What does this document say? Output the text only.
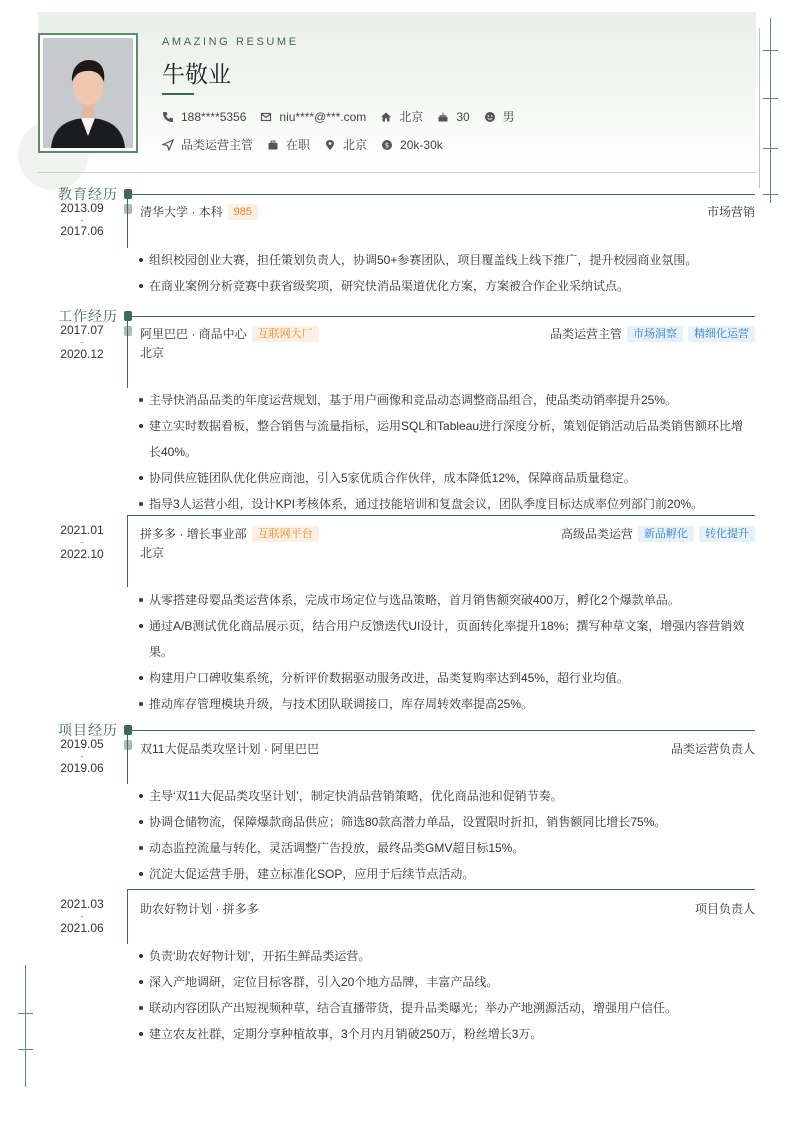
AMAZING RESUME
牛敬业
188****5356	niu****@***.com	北京	30	男
品类运营主管	在职	北京	$ 20k-30k
教育经历
2013.09
-
2017.06
清华大学 · 本科	985	市场营销
组织校园创业大赛，担任策划负责人，协调50+参赛团队，项目覆盖线上线下推广，提升校园商业氛围。
在商业案例分析竞赛中获省级奖项，研究快消品渠道优化方案，方案被合作企业采纳试点。
工作经历
2017.07
-
2020.12
阿里巴巴 · 商品中心	互联网大厂	品类运营主管	市场洞察	精细化运营
北京
主导快消品品类的年度运营规划，基于用户画像和竞品动态调整商品组合，使品类动销率提升25%。
建立实时数据看板，整合销售与流量指标，运用SQL和Tableau进行深度分析，策划促销活动后品类销售额环比增长40%。
协同供应链团队优化供应商池，引入5家优质合作伙伴，成本降低12%，保障商品质量稳定。
指导3人运营小组，设计KPI考核体系，通过技能培训和复盘会议，团队季度目标达成率位列部门前20%。
2021.01
-
2022.10
拼多多 · 增长事业部	互联网平台	高级品类运营	新品孵化	转化提升
北京
从零搭建母婴品类运营体系，完成市场定位与选品策略，首月销售额突破400万，孵化2个爆款单品。
通过A/B测试优化商品展示页，结合用户反馈迭代UI设计，页面转化率提升18%；撰写种草文案，增强内容营销效果。
构建用户口碑收集系统，分析评价数据驱动服务改进，品类复购率达到45%，超行业均值。
推动库存管理模块升级，与技术团队联调接口，库存周转效率提高25%。
项目经历
2019.05
-
2019.06
双11大促品类攻坚计划 · 阿里巴巴	品类运营负责人
主导‘双11大促品类攻坚计划’，制定快消品营销策略，优化商品池和促销节奏。
协调仓储物流，保障爆款商品供应；筛选80款高潜力单品，设置限时折扣，销售额同比增长75%。
动态监控流量与转化，灵活调整广告投放，最终品类GMV超目标15%。
沉淀大促运营手册，建立标准化SOP，应用于后续节点活动。
2021.03
-
2021.06
助农好物计划 · 拼多多	项目负责人
负责‘助农好物计划’，开拓生鲜品类运营。
深入产地调研，定位目标客群，引入20个地方品牌，丰富产品线。
联动内容团队产出短视频种草，结合直播带货，提升品类曝光；举办产地溯源活动，增强用户信任。
建立农友社群，定期分享种植故事，3个月内月销破250万，粉丝增长3万。
